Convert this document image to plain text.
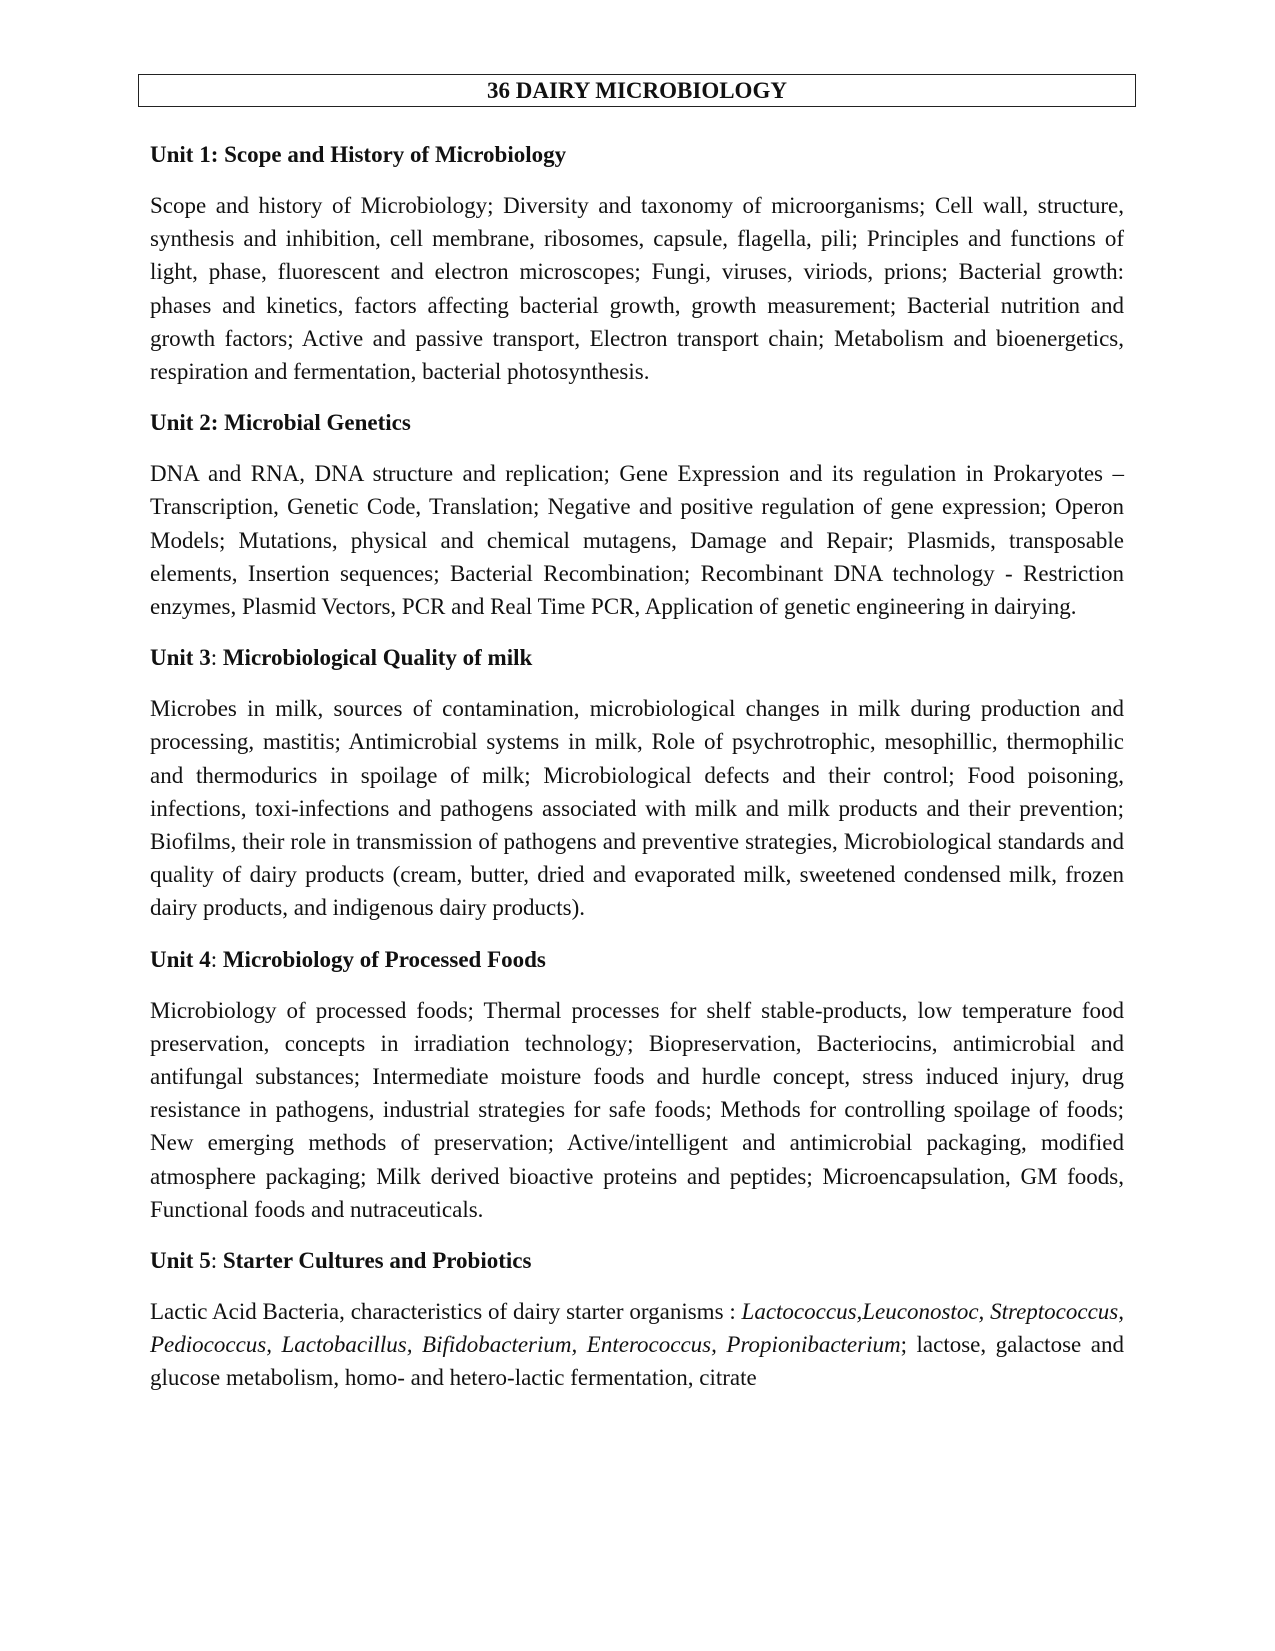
36 DAIRY MICROBIOLOGY

Unit 1: Scope and History of Microbiology

Scope and history of Microbiology; Diversity and taxonomy of microorganisms; Cell wall, structure, synthesis and inhibition, cell membrane, ribosomes, capsule, flagella, pili; Principles and functions of light, phase, fluorescent and electron microscopes; Fungi, viruses, viriods, prions; Bacterial growth: phases and kinetics, factors affecting bacterial growth, growth measurement; Bacterial nutrition and growth factors; Active and passive transport, Electron transport chain; Metabolism and bioenergetics, respiration and fermentation, bacterial photosynthesis.

Unit 2: Microbial Genetics

DNA and RNA, DNA structure and replication; Gene Expression and its regulation in Prokaryotes – Transcription, Genetic Code, Translation; Negative and positive regulation of gene expression; Operon Models; Mutations, physical and chemical mutagens, Damage and Repair; Plasmids, transposable elements, Insertion sequences; Bacterial Recombination; Recombinant DNA technology - Restriction enzymes, Plasmid Vectors, PCR and Real Time PCR, Application of genetic engineering in dairying.

Unit 3: Microbiological Quality of milk

Microbes in milk, sources of contamination, microbiological changes in milk during production and processing, mastitis; Antimicrobial systems in milk, Role of psychrotrophic, mesophillic, thermophilic and thermodurics in spoilage of milk; Microbiological defects and their control; Food poisoning, infections, toxi-infections and pathogens associated with milk and milk products and their prevention; Biofilms, their role in transmission of pathogens and preventive strategies, Microbiological standards and quality of dairy products (cream, butter, dried and evaporated milk, sweetened condensed milk, frozen dairy products, and indigenous dairy products).

Unit 4: Microbiology of Processed Foods

Microbiology of processed foods; Thermal processes for shelf stable-products, low temperature food preservation, concepts in irradiation technology; Biopreservation, Bacteriocins, antimicrobial and antifungal substances; Intermediate moisture foods and hurdle concept, stress induced injury, drug resistance in pathogens, industrial strategies for safe foods; Methods for controlling spoilage of foods; New emerging methods of preservation; Active/intelligent and antimicrobial packaging, modified atmosphere packaging; Milk derived bioactive proteins and peptides; Microencapsulation, GM foods, Functional foods and nutraceuticals.

Unit 5: Starter Cultures and Probiotics

Lactic Acid Bacteria, characteristics of dairy starter organisms : Lactococcus,Leuconostoc, Streptococcus, Pediococcus, Lactobacillus, Bifidobacterium, Enterococcus, Propionibacterium; lactose, galactose and glucose metabolism, homo- and hetero-lactic fermentation, citrate
